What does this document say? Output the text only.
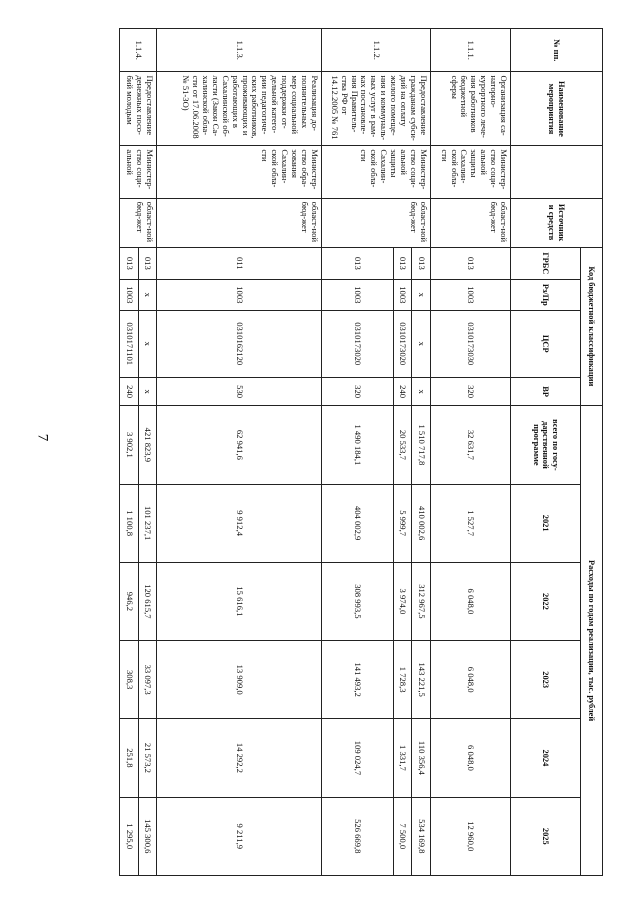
7
№ пп.	Наименование мероприятия		Источники средств	Код бюджетной классификации				Расходы по годам реализации, тыс. рублей					
				ГРБС	Рз/Пр	ЦСР	ВР	всего по госу-дарственной программе	2021	2022	2023	2024	2025
1.1.1.	Организация са-наторно-курортного лече-ния работников бюджетной сферы	Министер-ство соци-альной защиты Сахалин-ской обла-сти	област-ной бюд-жет	013	1003	0310173030	320	32 631,7	1 527,7	6 048,0	6 048,0	6 048,0	12 960,0
1.1.2.	Предоставление гражданам субси-дий на оплату жилого помеще-ния и коммуналь-ных услуг в рам-ках постановле-ния Правитель-ства РФ от 14.12.2005 № 761	Министер-ство соци-альной защиты Сахалин-ской обла-сти	област-ной бюд-жет	013	x	x	x	1 510 717,8	410 002,6	312 967,5	143 221,5	110 356,4	534 169,8
				013	1003	0310173020	240	20 533,7	5 999,7	3 974,0	1 728,3	1 331,7	7 500,0
				013	1003	0310173020	320	1 490 184,1	404 002,9	308 993,5	141 493,2	109 024,7	526 669,8
1.1.3.	Реализация до-полнительных мер социальной поддержки от-дельной катего-рии педагогиче-ских работников, проживающих и работающих в Сахалинской об-ласти (Закон Са-халинской обла-сти от 17.06.2008 № 51-ЗО)	Министер-ство обра-зования Сахалин-ской обла-сти	област-ной бюд-жет	011	1003	0310162120	530	62 941,6	9 912,4	15 616,1	13 909,0	14 292,2	9 211,9
1.1.4.	Предоставление денежных посо-бий молодым	Министер-ство соци-альной	област-ной бюд-жет	013	x	x	x	421 823,9	101 237,1	120 615,7	33 097,3	21 573,2	145 300,6
				013	1003	0310171101	240	3 902,1	1 100,8	946,2	308,3	251,8	1 295,0
